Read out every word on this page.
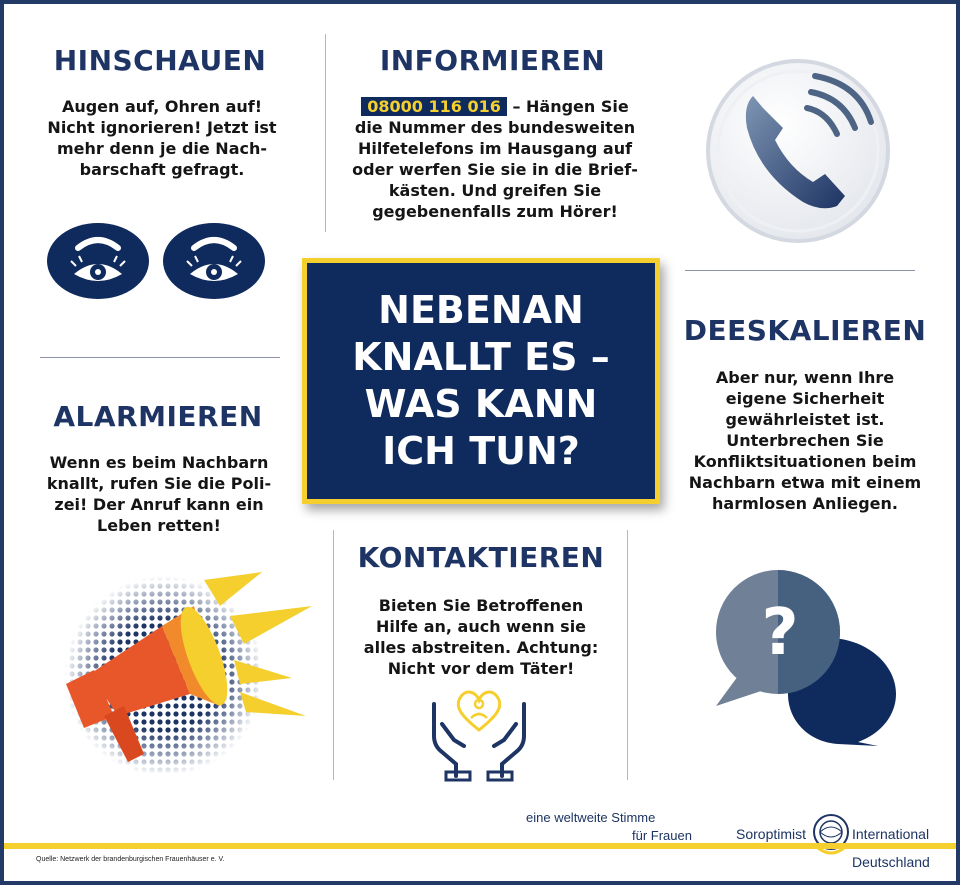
HINSCHAUEN
Augen auf, Ohren auf! Nicht ignorieren! Jetzt ist mehr denn je die Nachbarschaft gefragt.
INFORMIEREN
08000 116 016 – Hängen Sie die Nummer des bundesweiten Hilfetelefons im Hausgang auf oder werfen Sie sie in die Briefkästen. Und greifen Sie gegebenenfalls zum Hörer!
NEBENAN
KNALLT ES –
WAS KANN
ICH TUN?
DEESKALIEREN
Aber nur, wenn Ihre eigene Sicherheit gewährleistet ist. Unterbrechen Sie Konfliktsituationen beim Nachbarn etwa mit einem harmlosen Anliegen.
ALARMIEREN
Wenn es beim Nachbarn knallt, rufen Sie die Polizei! Der Anruf kann ein Leben retten!
KONTAKTIEREN
Bieten Sie Betroffenen Hilfe an, auch wenn sie alles abstreiten. Achtung: Nicht vor dem Täter!	?
eine weltweite Stimme
für Frauen	Soroptimist	International
Deutschland
Quelle: Netzwerk der brandenburgischen Frauenhäuser e. V.
